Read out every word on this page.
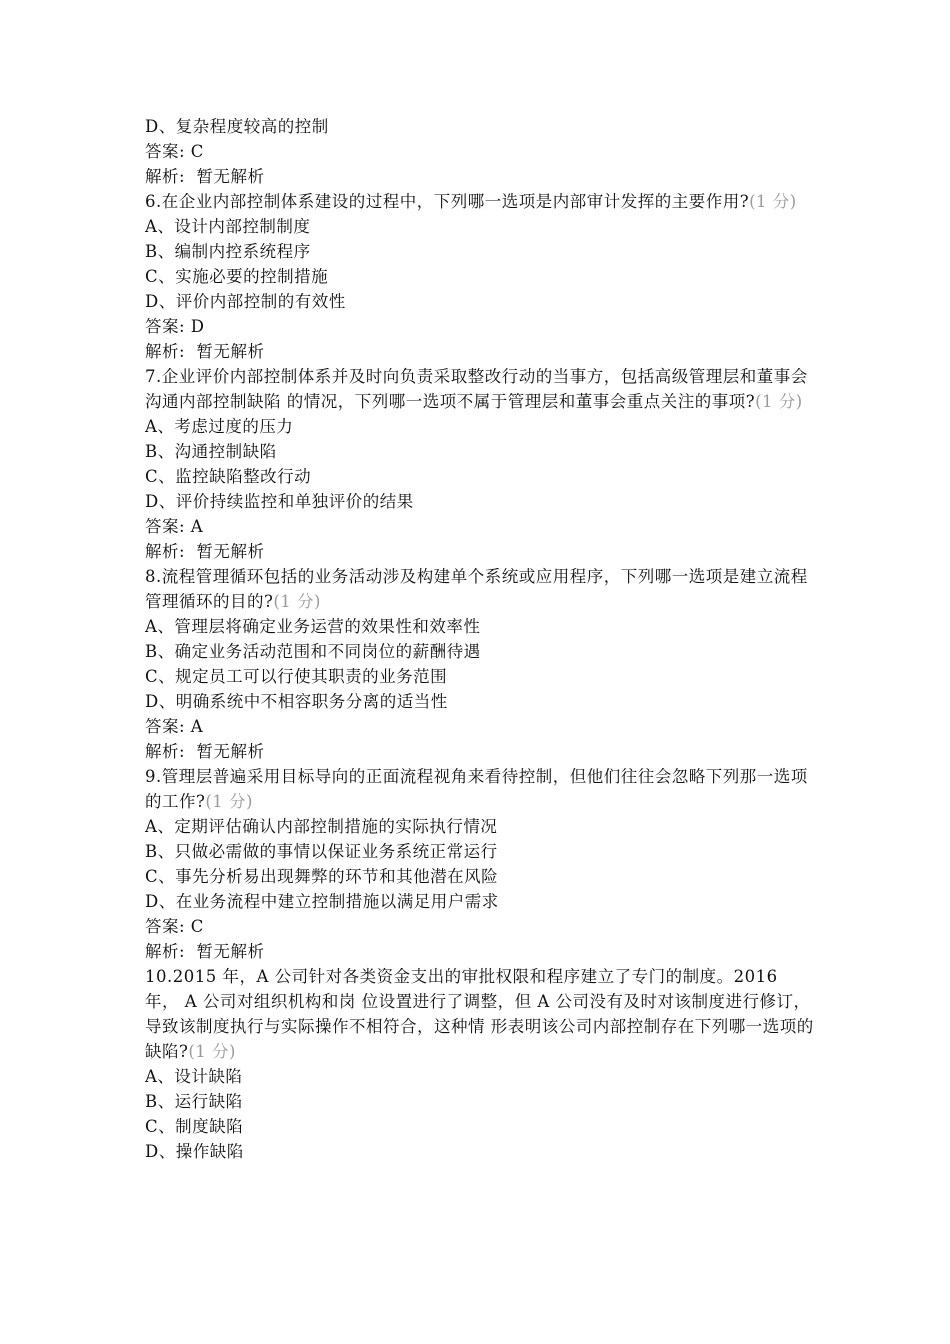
D、复杂程度较高的控制

答案: C

解析:  暂无解析

6.在企业内部控制体系建设的过程中，下列哪一选项是内部审计发挥的主要作用?(1 分)

A、设计内部控制制度

B、编制内控系统程序

C、实施必要的控制措施

D、评价内部控制的有效性

答案: D

解析:  暂无解析

7.企业评价内部控制体系并及时向负责采取整改行动的当事方，包括高级管理层和董事会沟通内部控制缺陷 的情况，下列哪一选项不属于管理层和董事会重点关注的事项?(1 分)

A、考虑过度的压力

B、沟通控制缺陷

C、监控缺陷整改行动

D、评价持续监控和单独评价的结果

答案: A

解析:  暂无解析

8.流程管理循环包括的业务活动涉及构建单个系统或应用程序，下列哪一选项是建立流程管理循环的目的?(1 分)

A、管理层将确定业务运营的效果性和效率性

B、确定业务活动范围和不同岗位的薪酬待遇

C、规定员工可以行使其职责的业务范围

D、明确系统中不相容职务分离的适当性

答案: A

解析:  暂无解析

9.管理层普遍采用目标导向的正面流程视角来看待控制，但他们往往会忽略下列那一选项的工作?(1 分)

A、定期评估确认内部控制措施的实际执行情况

B、只做必需做的事情以保证业务系统正常运行

C、事先分析易出现舞弊的环节和其他潜在风险

D、在业务流程中建立控制措施以满足用户需求

答案: C

解析:  暂无解析

10.2015 年，A 公司针对各类资金支出的审批权限和程序建立了专门的制度。2016 年， A 公司对组织机构和岗 位设置进行了调整，但 A 公司没有及时对该制度进行修订，导致该制度执行与实际操作不相符合，这种情 形表明该公司内部控制存在下列哪一选项的缺陷?(1 分)

A、设计缺陷

B、运行缺陷

C、制度缺陷

D、操作缺陷
